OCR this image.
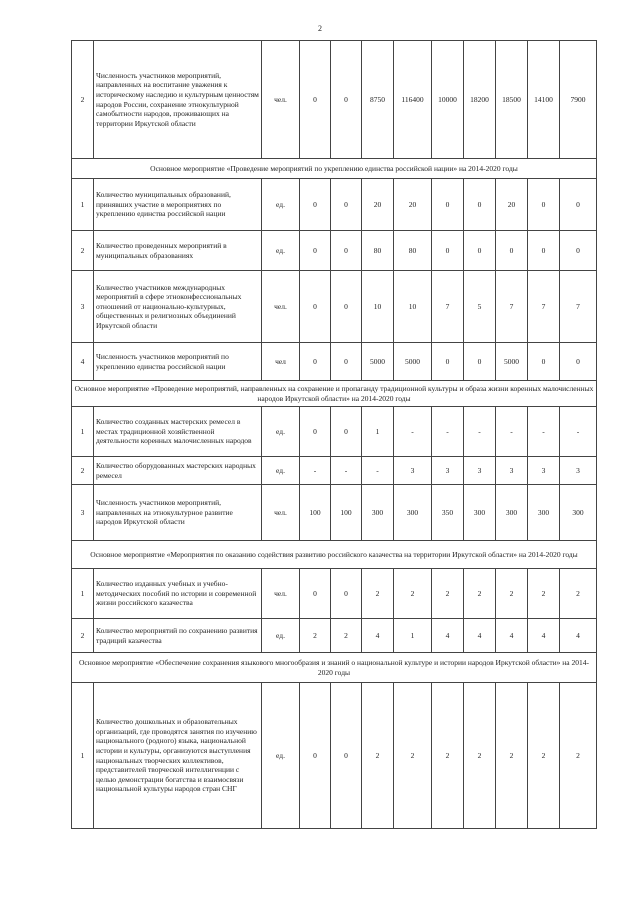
2
2	Численность участников мероприятий, направленных на воспитание уважения к историческому наследию и культурным ценностям народов России, сохранение этнокультурной самобытности народов, проживающих на территории Иркутской области	чел.	0	0	8750	116400	10000	18200	18500	14100	7900
Основное мероприятие «Проведение мероприятий по укреплению единства российской нации» на 2014-2020 годы											
1	Количество муниципальных образований, принявших участие в мероприятиях по укреплению единства российской нации	ед.	0	0	20	20	0	0	20	0	0
2	Количество проведенных мероприятий в муниципальных образованиях	ед.	0	0	80	80	0	0	0	0	0
3	Количество участников международных мероприятий в сфере этноконфессиональных отношений от национально-культурных, общественных и религиозных объединений Иркутской области	чел.	0	0	10	10	7	5	7	7	7
4	Численность участников мероприятий по укреплению единства российской нации	чел	0	0	5000	5000	0	0	5000	0	0
Основное мероприятие «Проведение мероприятий, направленных на сохранение и пропаганду традиционной культуры и образа жизни коренных малочисленных народов Иркутской области» на 2014-2020 годы											
1	Количество созданных мастерских ремесел в местах традиционной хозяйственной деятельности коренных малочисленных народов	ед.	0	0	1	-	-	-	-	-	-
2	Количество оборудованных мастерских народных ремесел	ед.	-	-	-	3	3	3	3	3	3
3	Численность участников мероприятий, направленных на этнокультурное развитие народов Иркутской области	чел.	100	100	300	300	350	300	300	300	300
Основное мероприятие «Мероприятия по оказанию содействия развитию российского казачества на территории Иркутской области» на 2014-2020 годы											
1	Количество изданных учебных и учебно-методических пособий по истории и современной жизни российского казачества	чел.	0	0	2	2	2	2	2	2	2
2	Количество мероприятий по сохранению развития традиций казачества	ед.	2	2	4	1	4	4	4	4	4
Основное мероприятие «Обеспечение сохранения языкового многообразия и знаний о национальной культуре и истории народов Иркутской области» на 2014-2020 годы											
1	Количество дошкольных и образовательных организаций, где проводятся занятия по изучению национального (родного) языка, национальной истории и культуры, организуются выступления национальных творческих коллективов, представителей творческой интеллигенции с целью демонстрации богатства и взаимосвязи национальной культуры народов стран СНГ	ед.	0	0	2	2	2	2	2	2	2
